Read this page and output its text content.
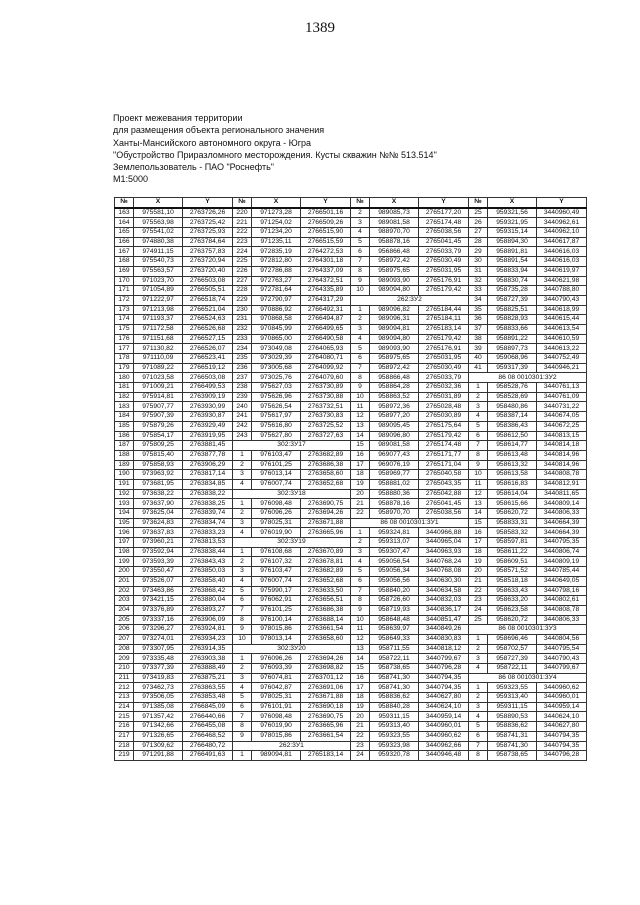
1389
Проект межевания территории
для размещения объекта регионального значения
Ханты-Мансийского автономного округа - Югра
"Обустройство Приразломного месторождения. Кусты скважин №№ 513.514"
Землепользователь - ПАО "Роснефть"
М1:5000
№	X	Y	№	X	Y	№	X	Y	№	X	Y
163	975581,10	2763726,26	220	971273,28	2766501,16	2	989085,73	2765177,20	25	959321,56	3440960,49
164	975563,98	2763725,42	221	971254,02	2766509,26	3	989081,58	2765174,48	26	959321,95	3440962,61
165	975541,02	2763725,93	222	971234,20	2766515,90	4	988970,70	2765038,56	27	959315,14	3440962,10
166	974880,38	2763784,64	223	971235,11	2766515,59	5	958878,16	2765041,45	28	958894,30	3440617,87
167	974911,15	2763757,83	224	972835,19	2764272,53	6	956866,48	2765033,79	29	958891,81	3440616,03
168	975540,73	2763720,94	225	972812,80	2764301,18	7	958972,42	2765030,49	30	958891,54	3440616,03
169	975563,57	2763720,40	226	972786,88	2764337,09	8	958975,65	2765031,95	31	958833,94	3440619,97
170	971023,70	2766503,08	227	972763,27	2764372,51	9	989093,90	2765176,91	32	958830,74	3440621,98
171	971054,89	2766505,51	228	972781,64	2764335,89	10	989094,80	2765179,42	33	958735,28	3440788,80
172	971222,97	2766518,74	229	972790,97	2764317,29	262:3У2			34	958727,39	3440790,43
173	971213,98	2766521,04	230	970886,92	2766492,31	1	989096,82	2765184,44	35	958825,51	3440618,99
174	971193,37	2766524,63	231	970868,58	2766494,87	2	989096,31	2765184,11	36	958828,93	3440615,44
175	971172,58	2766526,68	232	970845,99	2766499,65	3	989094,81	2765183,14	37	958833,66	3440613,54
176	971151,68	2766527,15	233	970865,00	2766490,58	4	989094,80	2765179,42	38	958891,22	3440610,59
177	971130,82	2766526,07	234	973049,08	2764065,93	5	989093,90	2765176,91	39	958897,73	3440613,22
178	971110,09	2766523,41	235	973029,39	2764080,71	6	958975,65	2765031,95	40	959068,96	3440752,49
179	971089,22	2766519,12	236	973005,68	2764099,92	7	958972,42	2765030,49	41	959317,39	3440946,21
180	971023,58	2766503,08	237	973025,76	2764079,60	8	958866,48	2765033,79	86 08 0010301:3У2		
181	971009,21	2766499,53	238	975627,03	2763730,89	9	958864,28	2765032,36	1	958528,76	3440761,13
182	975914,81	2763909,19	239	975626,96	2763730,88	10	958863,52	2765031,89	2	958528,69	3440761,09
183	975907,77	2763930,99	240	975626,54	2763732,51	11	958972,36	2765028,48	3	958480,86	3440731,22
184	975907,39	2763930,87	241	975617,97	2763730,83	12	958977,20	2765030,89	4	958387,14	3440674,05
185	975879,26	2763929,49	242	975616,80	2763725,52	13	989095,45	2765175,64	5	958386,43	3440672,25
186	975854,17	2763919,95	243	975627,80	2763727,63	14	989096,80	2765179,42	6	958612,50	3440813,15
187	975809,25	2763881,45	302:3У17			15	989081,58	2765174,48	7	958614,77	3440814,18
188	975815,40	2763877,78	1	976103,47	2763682,89	16	969077,43	2765171,77	8	958613,48	3440814,96
189	975858,93	2763906,29	2	976101,25	2763686,38	17	969076,19	2765171,04	9	958613,32	3440814,96
190	973963,92	2763817,14	3	976013,14	2763658,60	18	958969,77	2765040,58	10	958613,58	3440808,78
191	973681,95	2763834,85	4	976007,74	2763652,68	19	958881,02	2765043,35	11	958616,83	3440812,91
192	973638,22	2763838,22	302:3У18			20	958880,36	2765042,88	12	958614,04	3440811,65
193	973637,90	2763838,25	1	976098,48	2763690,75	21	958878,16	2765041,45	13	958615,66	3440809,14
194	973625,04	2763839,74	2	976096,26	2763694,26	22	958970,70	2765038,56	14	958620,72	3440806,33
195	973624,83	2763834,74	3	978025,31	2763671,88	86 08 0010301:3У1			15	958833,31	3440664,39
196	973637,83	2763833,23	4	976019,90	2763665,96	1	959324,81	3440966,88	16	958583,32	3440664,39
197	973960,21	2763813,53	302:3У19			2	959313,07	3440965,04	17	958597,81	3440795,35
198	973592,94	2763838,44	1	976108,68	2763670,89	3	959307,47	3440963,93	18	958611,22	3440806,74
199	973593,39	2763843,43	2	976107,32	2763678,81	4	959056,54	3440768,24	19	958609,51	3440809,19
200	973550,47	2763850,03	3	976103,47	2763682,89	5	959056,34	3440768,08	20	958571,52	3440785,44
201	973526,07	2763858,40	4	976007,74	2763652,68	6	959056,56	3440630,30	21	958518,18	3440649,05
202	973463,86	2763868,42	5	975990,17	2763633,50	7	958840,20	3440634,58	22	958633,43	3440798,16
203	973421,15	2763880,04	6	976062,91	2763656,51	8	958726,60	3440832,03	23	958633,20	3440802,61
204	973376,89	2763893,27	7	976101,25	2763686,38	9	958719,93	3440836,17	24	958623,58	3440808,78
205	973337,16	2763906,09	8	976100,14	2763688,14	10	958648,48	3440851,47	25	958620,72	3440806,33
206	973296,27	2763924,81	9	978015,86	2763661,54	11	958639,97	3440849,26	86 08 0010301:3У3		
207	973274,01	2763934,23	10	978013,14	2763658,60	12	958649,33	3440830,83	1	958696,46	3440804,56
208	973307,95	2763914,35	302:3У20			13	958711,55	3440818,12	2	958702,57	3440795,54
209	973335,48	2763903,38	1	976096,26	2763694,26	14	958722,11	3440799,67	3	958727,39	3440790,43
210	973377,39	2763888,49	2	976093,39	2763698,82	15	958738,65	3440796,28	4	958722,11	3440799,67
211	973419,83	2763875,21	3	976074,81	2763701,12	16	958741,30	3440794,35	86 08 0010301:3У4		
212	973462,73	2763863,55	4	976042,87	2763691,06	17	958741,30	3440794,35	1	959323,55	3440960,62
213	973506,05	2763853,48	5	978025,31	2763671,88	18	958836,62	3440627,80	2	959313,40	3440960,01
214	971385,08	2766845,09	6	976101,91	2763690,18	19	958840,28	3440624,10	3	959311,15	3440959,14
215	971357,42	2766440,66	7	976098,48	2763690,75	20	959311,15	3440959,14	4	958890,53	3440624,10
216	971342,66	2766455,08	8	976019,90	2763665,96	21	959313,40	3440960,01	5	958836,62	3440627,80
217	971326,65	2766468,52	9	978015,86	2763661,54	22	959323,55	3440960,62	6	958741,31	3440794,35
218	971309,62	2766480,72	262:3У1			23	959323,98	3440962,66	7	958741,30	3440794,35
219	971291,88	2766491,63	1	989094,81	2765183,14	24	959320,78	3440946,48	8	958738,65	3440796,28
